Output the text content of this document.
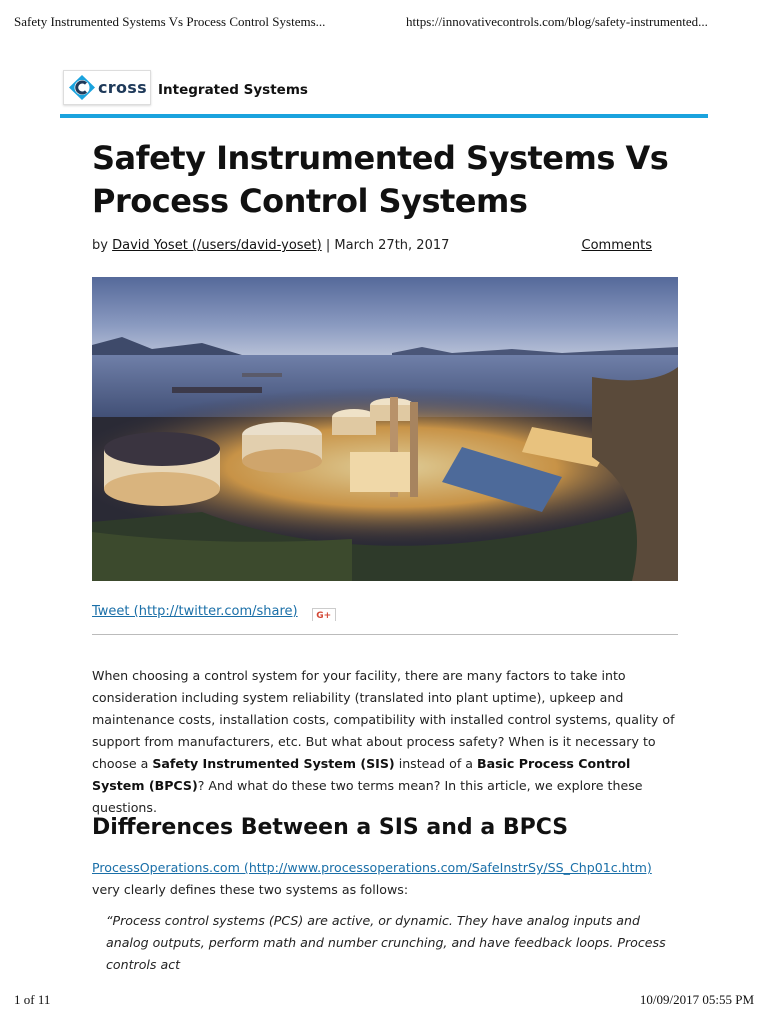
Safety Instrumented Systems Vs Process Control Systems...	https://innovativecontrols.com/blog/safety-instrumented...
cross Integrated Systems
Safety Instrumented Systems Vs Process Control Systems
by David Yoset (/users/david-yoset) | March 27th, 2017	Comments
Tweet (http://twitter.com/share) G+
When choosing a control system for your facility, there are many factors to take into consideration including system reliability (translated into plant uptime), upkeep and maintenance costs, installation costs, compatibility with installed control systems, quality of support from manufacturers, etc. But what about process safety? When is it necessary to choose a Safety Instrumented System (SIS) instead of a Basic Process Control System (BPCS)? And what do these two terms mean? In this article, we explore these questions.
Differences Between a SIS and a BPCS
ProcessOperations.com (http://www.processoperations.com/SafeInstrSy/SS_Chp01c.htm) very clearly defines these two systems as follows:
“Process control systems (PCS) are active, or dynamic. They have analog inputs and analog outputs, perform math and number crunching, and have feedback loops. Process controls act
1 of 11	10/09/2017 05:55 PM
